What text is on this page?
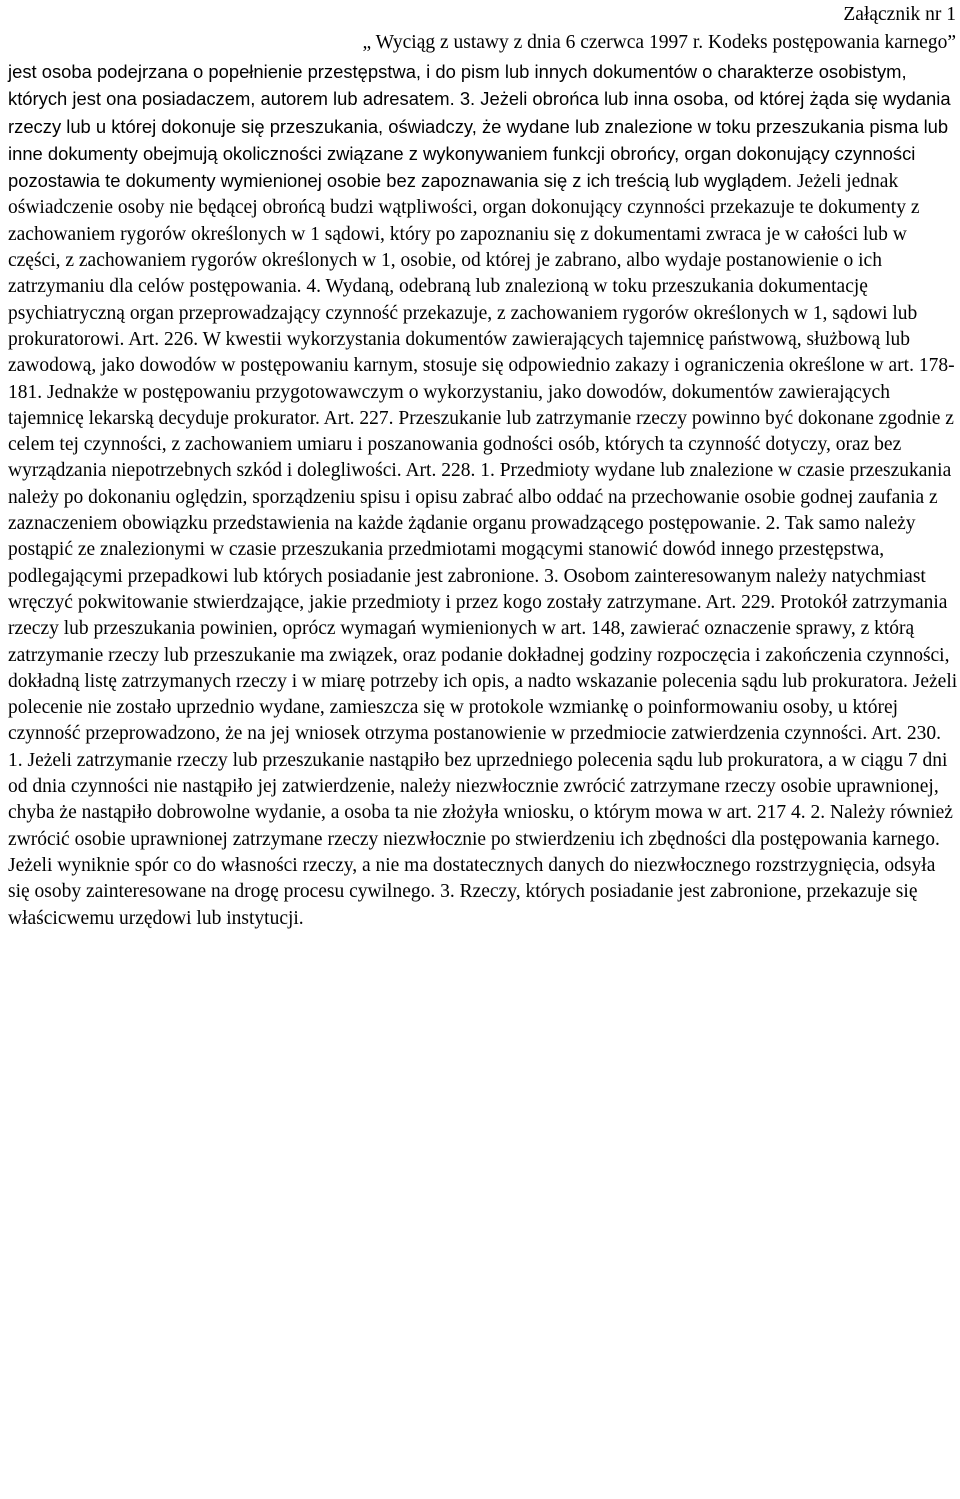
Załącznik nr 1
„ Wyciąg z ustawy z dnia 6 czerwca 1997 r. Kodeks postępowania karnego”

jest osoba podejrzana o popełnienie przestępstwa, i do pism lub innych dokumentów o charakterze osobistym, których jest ona posiadaczem, autorem lub adresatem. 3. Jeżeli obrońca lub inna osoba, od której żąda się wydania rzeczy lub u której dokonuje się przeszukania, oświadczy, że wydane lub znalezione w toku przeszukania pisma lub inne dokumenty obejmują okoliczności związane z wykonywaniem funkcji obrońcy, organ dokonujący czynności pozostawia te dokumenty wymienionej osobie bez zapoznawania się z ich treścią lub wyglądem. Jeżeli jednak oświadczenie osoby nie będącej obrońcą budzi wątpliwości, organ dokonujący czynności przekazuje te dokumenty z zachowaniem rygorów określonych w 1 sądowi, który po zapoznaniu się z dokumentami zwraca je w całości lub w części, z zachowaniem rygorów określonych w 1, osobie, od której je zabrano, albo wydaje postanowienie o ich zatrzymaniu dla celów postępowania. 4. Wydaną, odebraną lub znalezioną w toku przeszukania dokumentację psychiatryczną organ przeprowadzający czynność przekazuje, z zachowaniem rygorów określonych w 1, sądowi lub prokuratorowi. Art. 226. W kwestii wykorzystania dokumentów zawierających tajemnicę państwową, służbową lub zawodową, jako dowodów w postępowaniu karnym, stosuje się odpowiednio zakazy i ograniczenia określone w art. 178-181. Jednakże w postępowaniu przygotowawczym o wykorzystaniu, jako dowodów, dokumentów zawierających tajemnicę lekarską decyduje prokurator. Art. 227. Przeszukanie lub zatrzymanie rzeczy powinno być dokonane zgodnie z celem tej czynności, z zachowaniem umiaru i poszanowania godności osób, których ta czynność dotyczy, oraz bez wyrządzania niepotrzebnych szkód i dolegliwości. Art. 228. 1. Przedmioty wydane lub znalezione w czasie przeszukania należy po dokonaniu oględzin, sporządzeniu spisu i opisu zabrać albo oddać na przechowanie osobie godnej zaufania z zaznaczeniem obowiązku przedstawienia na każde żądanie organu prowadzącego postępowanie. 2. Tak samo należy postąpić ze znalezionymi w czasie przeszukania przedmiotami mogącymi stanowić dowód innego przestępstwa, podlegającymi przepadkowi lub których posiadanie jest zabronione. 3. Osobom zainteresowanym należy natychmiast wręczyć pokwitowanie stwierdzające, jakie przedmioty i przez kogo zostały zatrzymane. Art. 229. Protokół zatrzymania rzeczy lub przeszukania powinien, oprócz wymagań wymienionych w art. 148, zawierać oznaczenie sprawy, z którą zatrzymanie rzeczy lub przeszukanie ma związek, oraz podanie dokładnej godziny rozpoczęcia i zakończenia czynności, dokładną listę zatrzymanych rzeczy i w miarę potrzeby ich opis, a nadto wskazanie polecenia sądu lub prokuratora. Jeżeli polecenie nie zostało uprzednio wydane, zamieszcza się w protokole wzmiankę o poinformowaniu osoby, u której czynność przeprowadzono, że na jej wniosek otrzyma postanowienie w przedmiocie zatwierdzenia czynności. Art. 230. 1. Jeżeli zatrzymanie rzeczy lub przeszukanie nastąpiło bez uprzedniego polecenia sądu lub prokuratora, a w ciągu 7 dni od dnia czynności nie nastąpiło jej zatwierdzenie, należy niezwłocznie zwrócić zatrzymane rzeczy osobie uprawnionej, chyba że nastąpiło dobrowolne wydanie, a osoba ta nie złożyła wniosku, o którym mowa w art. 217 4. 2. Należy również zwrócić osobie uprawnionej zatrzymane rzeczy niezwłocznie po stwierdzeniu ich zbędności dla postępowania karnego. Jeżeli wyniknie spór co do własności rzeczy, a nie ma dostatecznych danych do niezwłocznego rozstrzygnięcia, odsyła się osoby zainteresowane na drogę procesu cywilnego. 3. Rzeczy, których posiadanie jest zabronione, przekazuje się właścicwemu urzędowi lub instytucji.
